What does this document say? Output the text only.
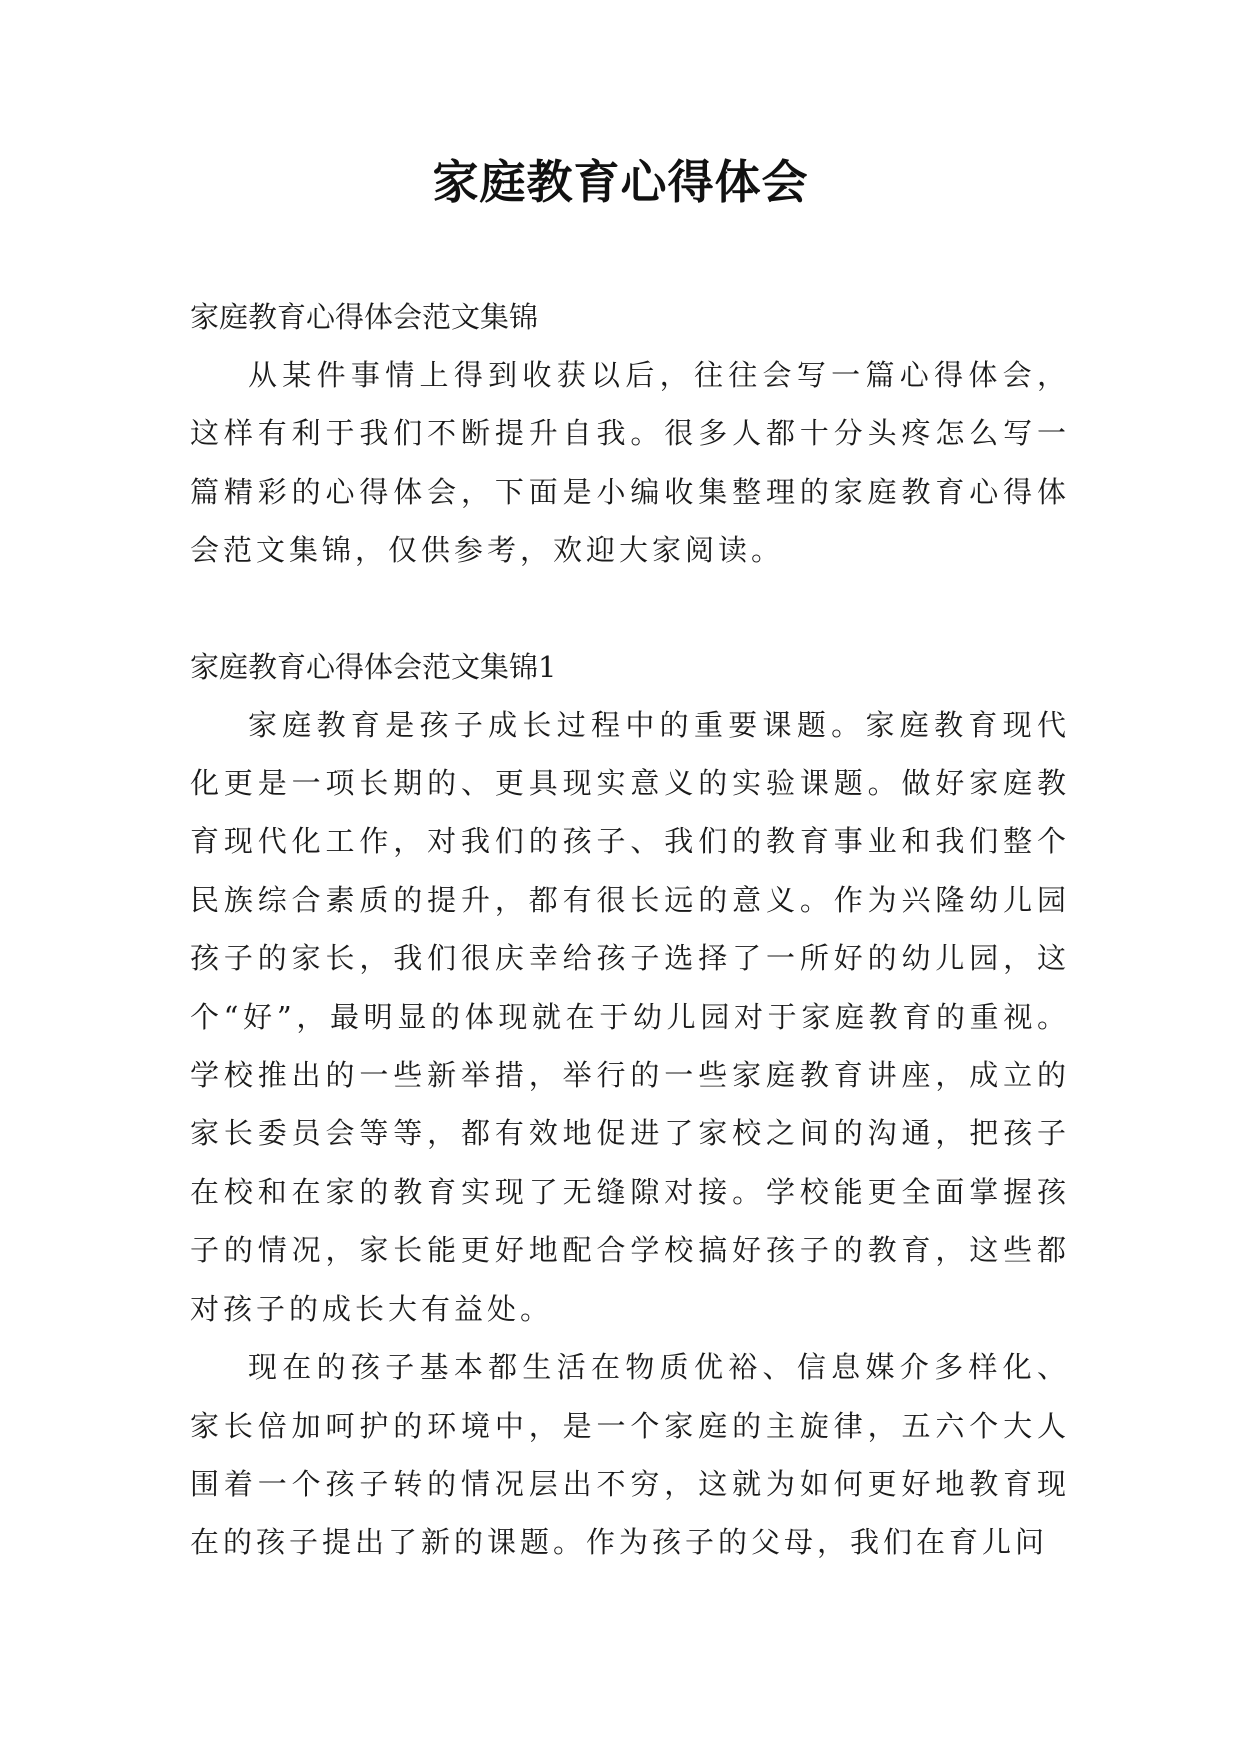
家庭教育心得体会

家庭教育心得体会范文集锦

从某件事情上得到收获以后，往往会写一篇心得体会，这样有利于我们不断提升自我。很多人都十分头疼怎么写一篇精彩的心得体会，下面是小编收集整理的家庭教育心得体会范文集锦，仅供参考，欢迎大家阅读。

家庭教育心得体会范文集锦1

家庭教育是孩子成长过程中的重要课题。家庭教育现代化更是一项长期的、更具现实意义的实验课题。做好家庭教育现代化工作，对我们的孩子、我们的教育事业和我们整个民族综合素质的提升，都有很长远的意义。作为兴隆幼儿园孩子的家长，我们很庆幸给孩子选择了一所好的幼儿园，这个“好”，最明显的体现就在于幼儿园对于家庭教育的重视。学校推出的一些新举措，举行的一些家庭教育讲座，成立的家长委员会等等，都有效地促进了家校之间的沟通，把孩子在校和在家的教育实现了无缝隙对接。学校能更全面掌握孩子的情况，家长能更好地配合学校搞好孩子的教育，这些都对孩子的成长大有益处。

现在的孩子基本都生活在物质优裕、信息媒介多样化、家长倍加呵护的环境中，是一个家庭的主旋律，五六个大人围着一个孩子转的情况层出不穷，这就为如何更好地教育现在的孩子提出了新的课题。作为孩子的父母，我们在育儿问
